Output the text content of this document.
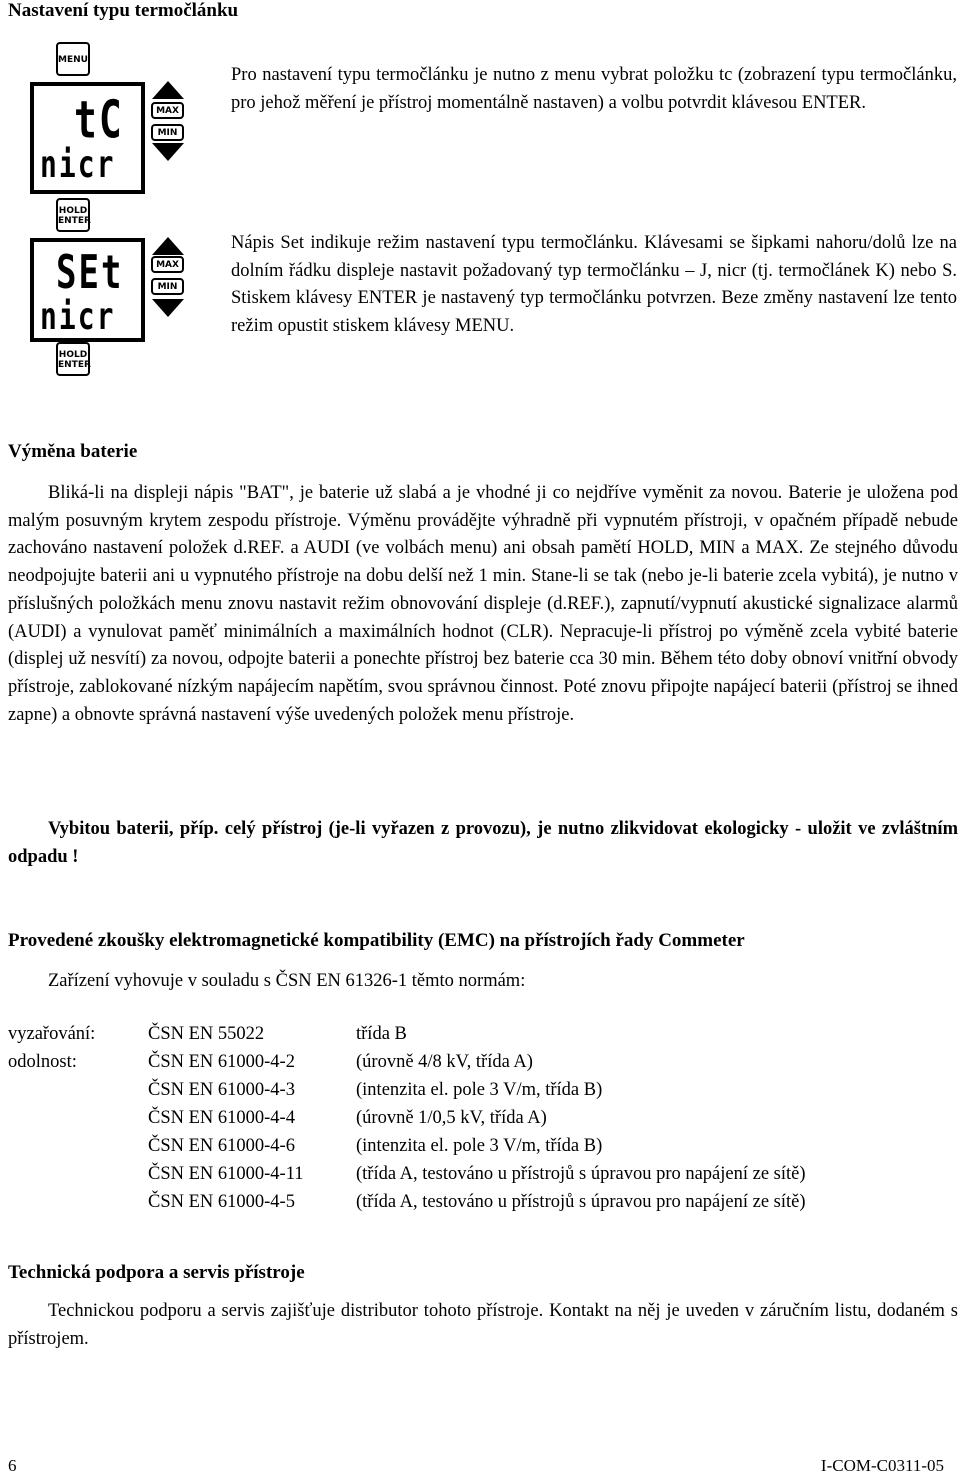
Nastavení typu termočlánku
MENU
tC
nicr
MAX
MIN

Pro nastavení typu termočlánku je nutno z menu vybrat položku tc (zobrazení typu termočlánku, pro jehož měření je přístroj momentálně nastaven) a volbu potvrdit klávesou ENTER.

HOLD
ENTER
SEt
nicr
MAX
MIN
HOLD
ENTER

Nápis Set indikuje režim nastavení typu termočlánku. Klávesami se šipkami nahoru/dolů lze na dolním řádku displeje nastavit požadovaný typ termočlánku – J, nicr (tj. termočlánek K) nebo S. Stiskem klávesy ENTER je nastavený typ termočlánku potvrzen. Beze změny nastavení lze tento režim opustit stiskem klávesy MENU.

Výměna baterie

Bliká-li na displeji nápis "BAT", je baterie už slabá a je vhodné ji co nejdříve vyměnit za novou. Baterie je uložena pod malým posuvným krytem zespodu přístroje. Výměnu provádějte výhradně při vypnutém přístroji, v opačném případě nebude zachováno nastavení položek d.REF. a AUDI (ve volbách menu) ani obsah pamětí HOLD, MIN a MAX. Ze stejného důvodu neodpojujte baterii ani u vypnutého přístroje na dobu delší než 1 min. Stane-li se tak (nebo je-li baterie zcela vybitá), je nutno v příslušných položkách menu znovu nastavit režim obnovování displeje (d.REF.), zapnutí/vypnutí akustické signalizace alarmů (AUDI) a vynulovat paměť minimálních a maximálních hodnot (CLR). Nepracuje-li přístroj po výměně zcela vybité baterie (displej už nesvítí) za novou, odpojte baterii a ponechte přístroj bez baterie cca 30 min. Během této doby obnoví vnitřní obvody přístroje, zablokované nízkým napájecím napětím, svou správnou činnost. Poté znovu připojte napájecí baterii (přístroj se ihned zapne) a obnovte správná nastavení výše uvedených položek menu přístroje.

Vybitou baterii, příp. celý přístroj (je-li vyřazen z provozu), je nutno zlikvidovat ekologicky - uložit ve zvláštním odpadu !

Provedené zkoušky elektromagnetické kompatibility (EMC) na přístrojích řady Commeter

Zařízení vyhovuje v souladu s ČSN EN 61326-1 těmto normám:

vyzařování:	ČSN EN 55022	třída B
odolnost:	ČSN EN 61000-4-2	(úrovně 4/8 kV, třída A)
ČSN EN 61000-4-3	(intenzita el. pole 3 V/m, třída B)
ČSN EN 61000-4-4	(úrovně 1/0,5 kV, třída A)
ČSN EN 61000-4-6	(intenzita el. pole 3 V/m, třída B)
ČSN EN 61000-4-11	(třída A, testováno u přístrojů s úpravou pro napájení ze sítě)
ČSN EN 61000-4-5	(třída A, testováno u přístrojů s úpravou pro napájení ze sítě)
Technická podpora a servis přístroje

Technickou podporu a servis zajišťuje distributor tohoto přístroje. Kontakt na něj je uveden v záručním listu, dodaném s přístrojem.

6	I-COM-C0311-05
